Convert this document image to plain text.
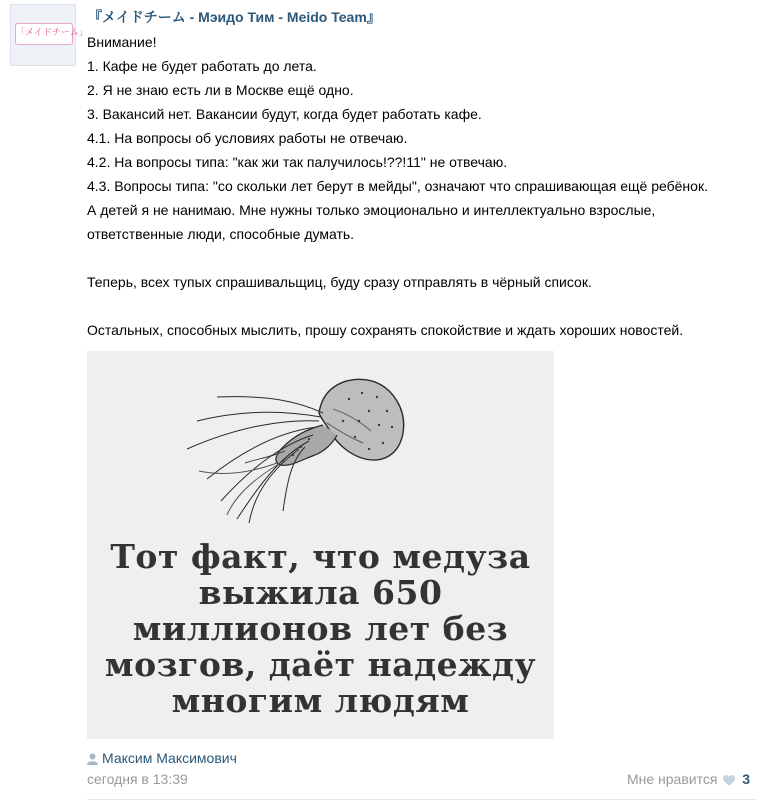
「メイドチーム」
『メイドチーム - Мэидо Тим - Meido Team』
Внимание!
1. Кафе не будет работать до лета.
2. Я не знаю есть ли в Москве ещё одно.
3. Вакансий нет. Вакансии будут, когда будет работать кафе.
4.1. На вопросы об условиях работы не отвечаю.
4.2. На вопросы типа: "как жи так палучилось!??!11" не отвечаю.
4.3. Вопросы типа: "со скольки лет берут в мейды", означают что спрашивающая ещё ребёнок.
А детей я не нанимаю. Мне нужны только эмоционально и интеллектуально взрослые,
ответственные люди, способные думать.
Теперь, всех тупых спрашивальщиц, буду сразу отправлять в чёрный список.
Остальных, способных мыслить, прошу сохранять спокойствие и ждать хороших новостей.
Тот факт, что медуза
выжила 650
миллионов лет без
мозгов, даёт надежду
многим людям
Максим Максимович
сегодня в 13:39	Мне нравится 3
